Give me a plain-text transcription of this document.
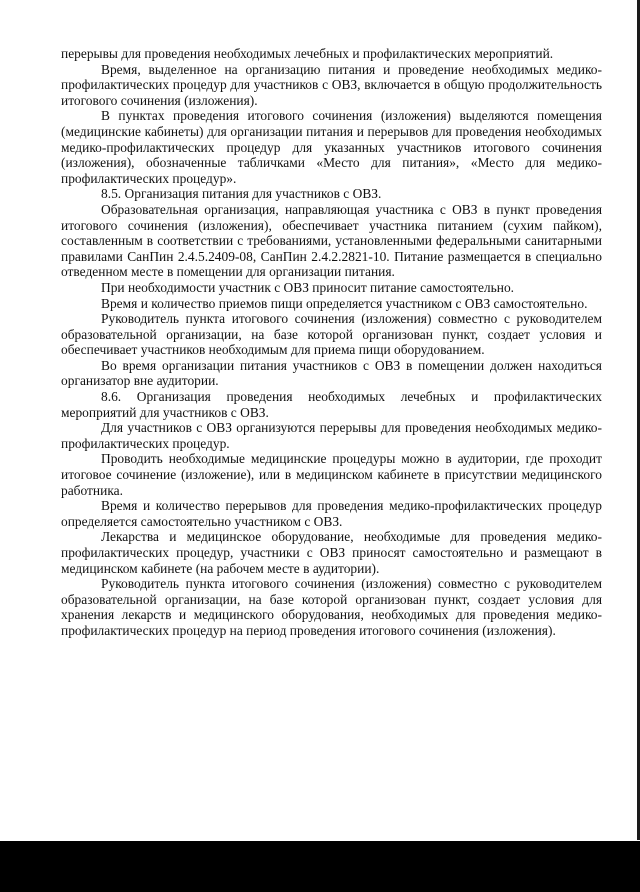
перерывы для проведения необходимых лечебных и профилактических мероприятий.

Время, выделенное на организацию питания и проведение необходимых медико-профилактических процедур для участников с ОВЗ, включается в общую продолжительность итогового сочинения (изложения).

В пунктах проведения итогового сочинения (изложения) выделяются помещения (медицинские кабинеты) для организации питания и перерывов для проведения необходимых медико-профилактических процедур для указанных участников итогового сочинения (изложения), обозначенные табличками «Место для питания», «Место для медико-профилактических процедур».

8.5. Организация питания для участников с ОВЗ.

Образовательная организация, направляющая участника с ОВЗ в пункт проведения итогового сочинения (изложения), обеспечивает участника питанием (сухим пайком), составленным в соответствии с требованиями, установленными федеральными санитарными правилами СанПин 2.4.5.2409-08, СанПин 2.4.2.2821-10. Питание размещается в специально отведенном месте в помещении для организации питания.

При необходимости участник с ОВЗ приносит питание самостоятельно.

Время и количество приемов пищи определяется участником с ОВЗ самостоятельно.

Руководитель пункта итогового сочинения (изложения) совместно с руководителем образовательной организации, на базе которой организован пункт, создает условия и обеспечивает участников необходимым для приема пищи оборудованием.

Во время организации питания участников с ОВЗ в помещении должен находиться организатор вне аудитории.

8.6. Организация проведения необходимых лечебных и профилактических мероприятий для участников с ОВЗ.

Для участников с ОВЗ организуются перерывы для проведения необходимых медико-профилактических процедур.

Проводить необходимые медицинские процедуры можно в аудитории, где проходит итоговое сочинение (изложение), или в медицинском кабинете в присутствии медицинского работника.

Время и количество перерывов для проведения медико-профилактических процедур определяется самостоятельно участником с ОВЗ.

Лекарства и медицинское оборудование, необходимые для проведения медико-профилактических процедур, участники с ОВЗ приносят самостоятельно и размещают в медицинском кабинете (на рабочем месте в аудитории).

Руководитель пункта итогового сочинения (изложения) совместно с руководителем образовательной организации, на базе которой организован пункт, создает условия для хранения лекарств и медицинского оборудования, необходимых для проведения медико-профилактических процедур на период проведения итогового сочинения (изложения).
